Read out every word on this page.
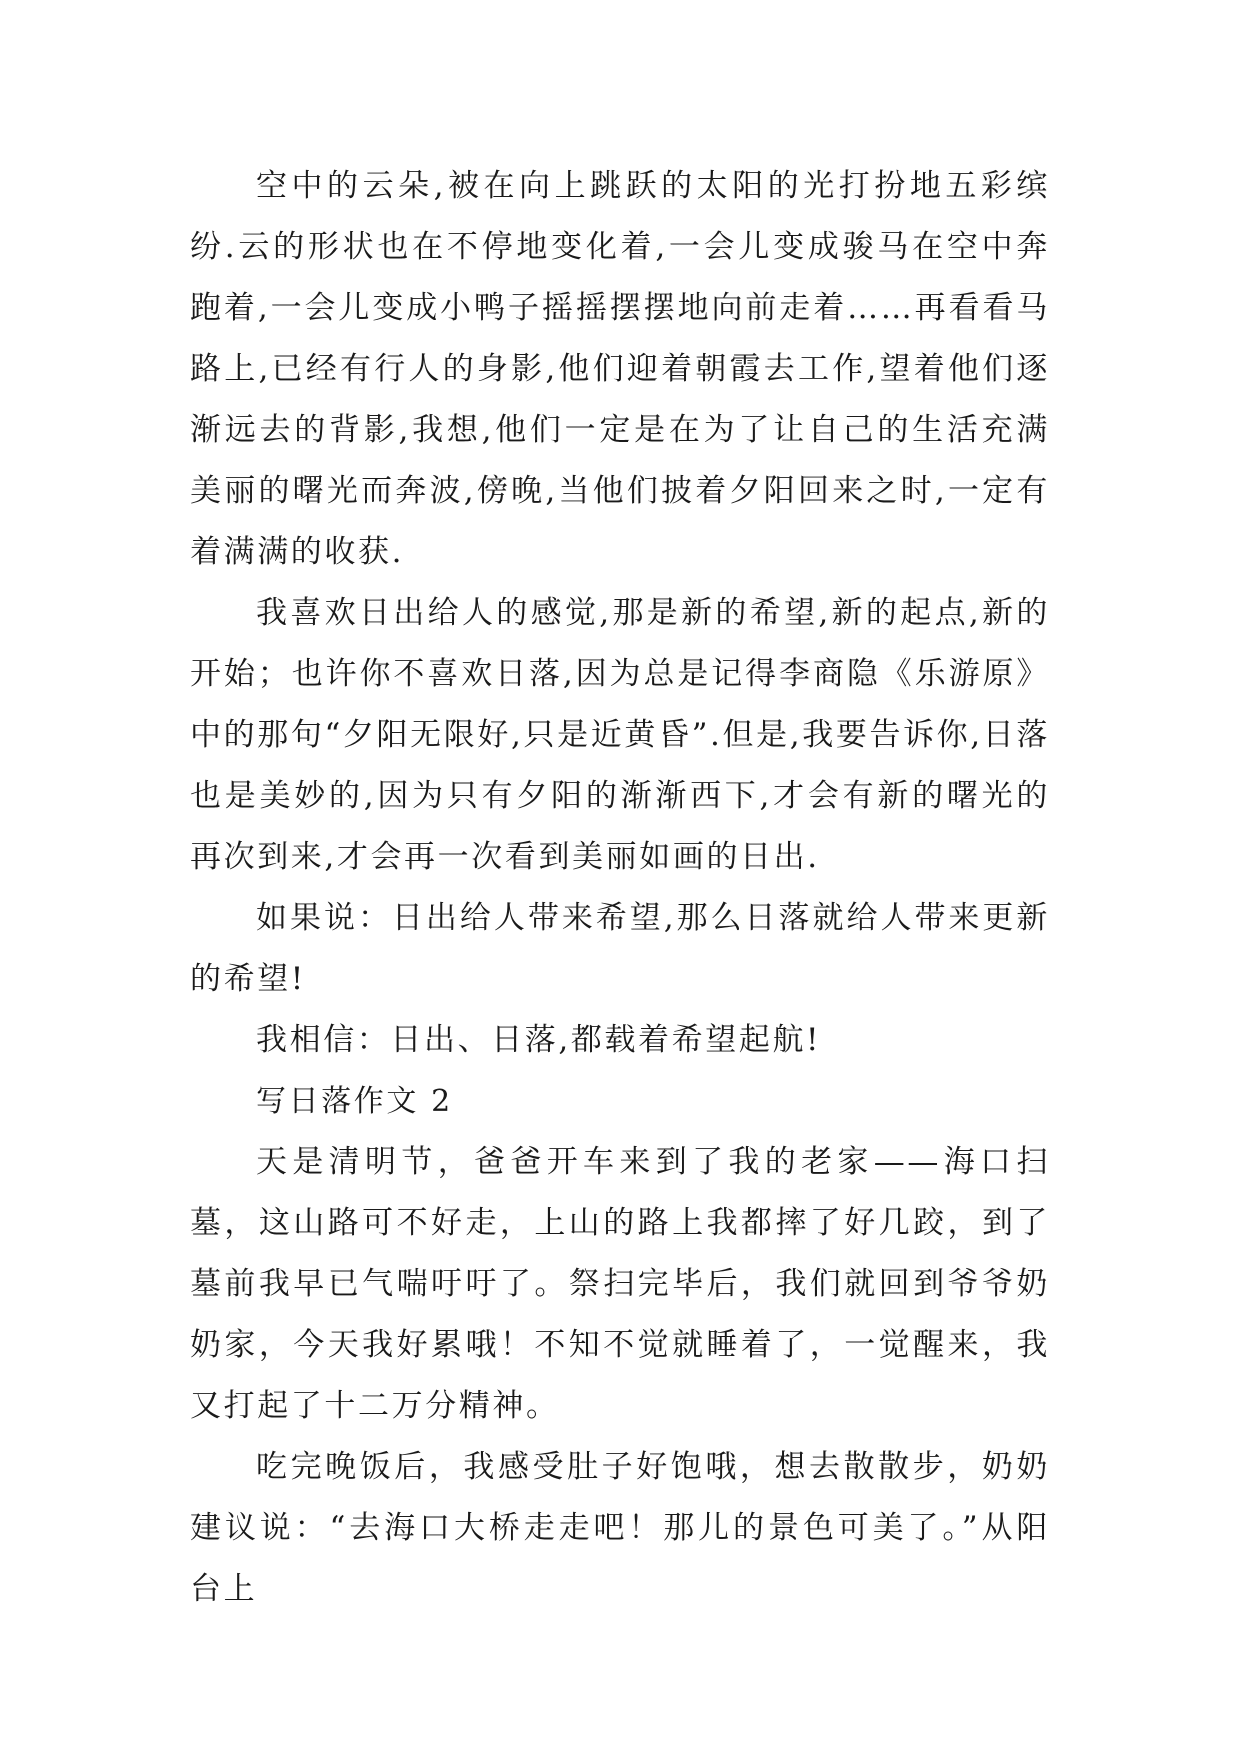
空中的云朵,被在向上跳跃的太阳的光打扮地五彩缤纷.云的形状也在不停地变化着,一会儿变成骏马在空中奔跑着,一会儿变成小鸭子摇摇摆摆地向前走着……再看看马路上,已经有行人的身影,他们迎着朝霞去工作,望着他们逐渐远去的背影,我想,他们一定是在为了让自己的生活充满美丽的曙光而奔波,傍晚,当他们披着夕阳回来之时,一定有着满满的收获.

我喜欢日出给人的感觉,那是新的希望,新的起点,新的开始；也许你不喜欢日落,因为总是记得李商隐《乐游原》中的那句“夕阳无限好,只是近黄昏”.但是,我要告诉你,日落也是美妙的,因为只有夕阳的渐渐西下,才会有新的曙光的再次到来,才会再一次看到美丽如画的日出.

如果说：日出给人带来希望,那么日落就给人带来更新的希望!

我相信：日出、日落,都载着希望起航!

写日落作文 2

天是清明节，爸爸开车来到了我的老家——海口扫墓，这山路可不好走，上山的路上我都摔了好几跤，到了墓前我早已气喘吁吁了。祭扫完毕后，我们就回到爷爷奶奶家，今天我好累哦！不知不觉就睡着了，一觉醒来，我又打起了十二万分精神。

吃完晚饭后，我感受肚子好饱哦，想去散散步，奶奶建议说：“去海口大桥走走吧！那儿的景色可美了。”从阳台上
